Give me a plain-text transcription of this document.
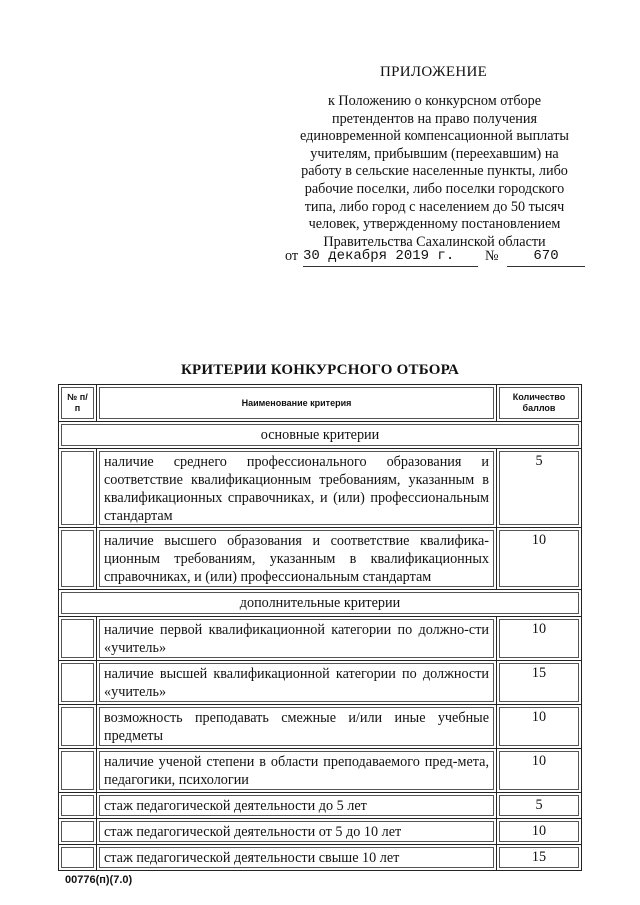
ПРИЛОЖЕНИЕ
к Положению о конкурсном отборе
претендентов на право получения
единовременной компенсационной выплаты
учителям, прибывшим (переехавшим) на
работу в сельские населенные пункты, либо
рабочие поселки, либо поселки городского
типа, либо город с населением до 50 тысяч
человек, утвержденному постановлением
Правительства Сахалинской области
от 30 декабря 2019 г.	№	670
КРИТЕРИИ КОНКУРСНОГО ОТБОРА
№ п/п	Наименование критерия	Количество баллов

основные критерии		

	наличие среднего профессионального образования и соответствие квалификационным требованиям, указанным в квалификационных справочниках, и (или) профессиональным стандартам	5

	наличие высшего образования и соответствие квалифика-ционным требованиям, указанным в квалификационных справочниках, и (или) профессиональным стандартам	10

дополнительные критерии		

	наличие первой квалификационной категории по должно-сти «учитель»	10

	наличие высшей квалификационной категории по должности «учитель»	15

	возможность преподавать смежные и/или иные учебные предметы	10

	наличие ученой степени в области преподаваемого пред-мета, педагогики, психологии	10

	стаж педагогической деятельности до 5 лет	5

	стаж педагогической деятельности от 5 до 10 лет	10

	стаж педагогической деятельности свыше 10 лет	15
00776(п)(7.0)
